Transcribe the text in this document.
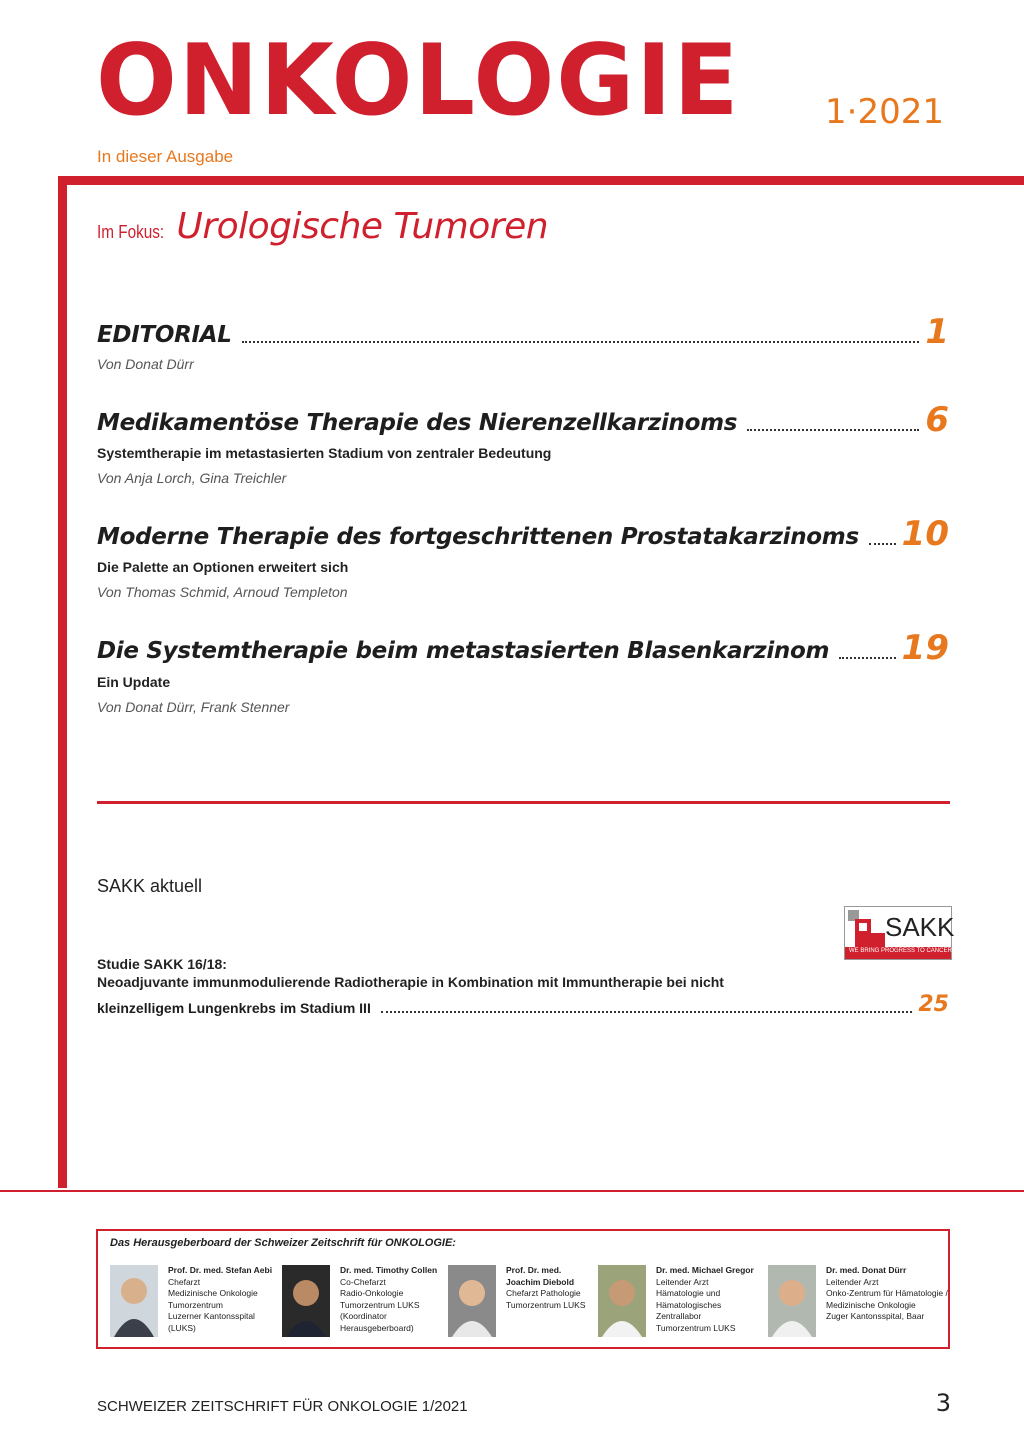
ONKOLOGIE 1·2021
In dieser Ausgabe
Im Fokus: Urologische Tumoren
EDITORIAL	1
Von Donat Dürr
Medikamentöse Therapie des Nierenzellkarzinoms	6
Systemtherapie im metastasierten Stadium von zentraler Bedeutung
Von Anja Lorch, Gina Treichler
Moderne Therapie des fortgeschrittenen Prostatakarzinoms 10
Die Palette an Optionen erweitert sich
Von Thomas Schmid, Arnoud Templeton
Die Systemtherapie beim metastasierten Blasenkarzinom 19
Ein Update
Von Donat Dürr, Frank Stenner
SAKK aktuell
SAKK
WE BRING PROGRESS TO CANCER CARE
Studie SAKK 16/18:
Neoadjuvante immunmodulierende Radiotherapie in Kombination mit Immuntherapie bei nicht
kleinzelligem Lungenkrebs im Stadium III	25
Das Herausgeberboard der Schweizer Zeitschrift für ONKOLOGIE:
Prof. Dr. med. Stefan Aebi
Chefarzt
Medizinische Onkologie
Tumorzentrum
Luzerner Kantonsspital
(LUKS)
Dr. med. Timothy Collen
Co-Chefarzt
Radio-Onkologie
Tumorzentrum LUKS
(Koordinator
Herausgeberboard)
Prof. Dr. med.
Joachim Diebold
Chefarzt Pathologie
Tumorzentrum LUKS
Dr. med. Michael Gregor
Leitender Arzt
Hämatologie und
Hämatologisches
Zentrallabor
Tumorzentrum LUKS
Dr. med. Donat Dürr
Leitender Arzt
Onko-Zentrum für Hämatologie /
Medizinische Onkologie
Zuger Kantonsspital, Baar
SCHWEIZER ZEITSCHRIFT FÜR ONKOLOGIE 1/2021	3
